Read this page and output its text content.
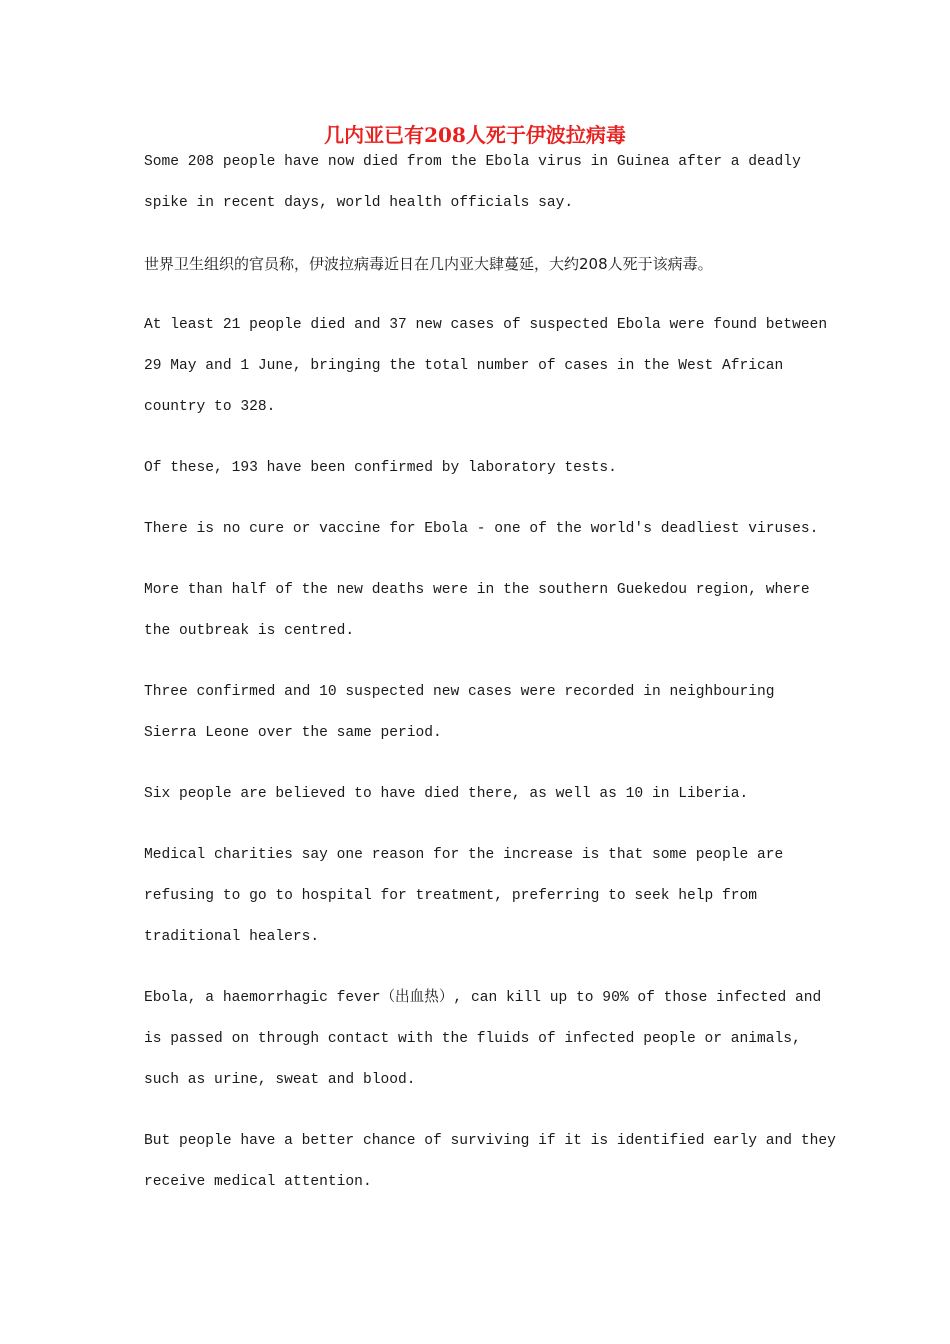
几内亚已有208人死于伊波拉病毒
Some 208 people have now died from the Ebola virus in Guinea after a deadly
spike in recent days, world health officials say.
世界卫生组织的官员称，伊波拉病毒近日在几内亚大肆蔓延，大约208人死于该病毒。
At least 21 people died and 37 new cases of suspected Ebola were found between
29 May and 1 June, bringing the total number of cases in the West African
country to 328.
Of these, 193 have been confirmed by laboratory tests.
There is no cure or vaccine for Ebola - one of the world's deadliest viruses.
More than half of the new deaths were in the southern Guekedou region, where
the outbreak is centred.
Three confirmed and 10 suspected new cases were recorded in neighbouring
Sierra Leone over the same period.
Six people are believed to have died there, as well as 10 in Liberia.
Medical charities say one reason for the increase is that some people are
refusing to go to hospital for treatment, preferring to seek help from
traditional healers.
Ebola, a haemorrhagic fever（出血热）, can kill up to 90% of those infected and
is passed on through contact with the fluids of infected people or animals,
such as urine, sweat and blood.
But people have a better chance of surviving if it is identified early and they
receive medical attention.
